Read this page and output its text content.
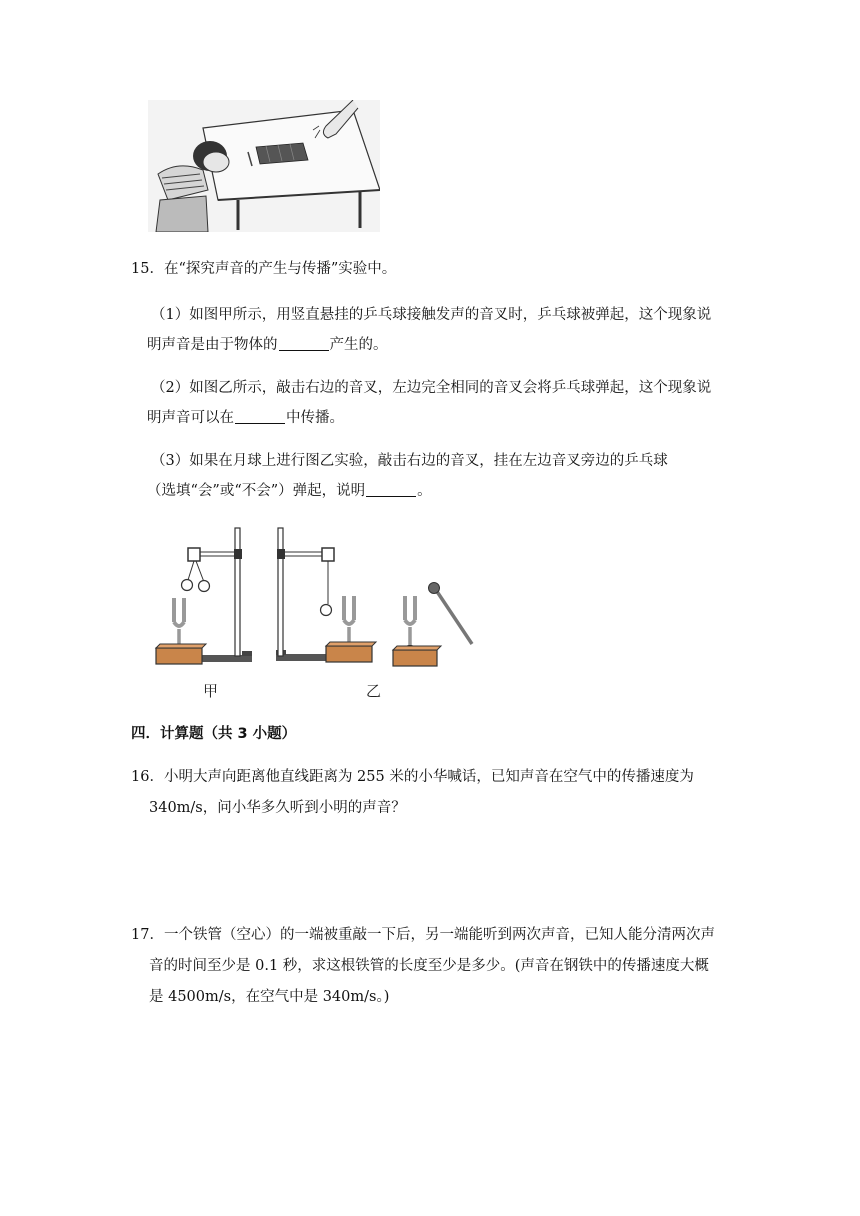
15．在“探究声音的产生与传播”实验中。
（1）如图甲所示，用竖直悬挂的乒乓球接触发声的音叉时，乒乓球被弹起，这个现象说
明声音是由于物体的	产生的。
（2）如图乙所示，敲击右边的音叉，左边完全相同的音叉会将乒乓球弹起，这个现象说
明声音可以在	中传播。
（3）如果在月球上进行图乙实验，敲击右边的音叉，挂在左边音叉旁边的乒乓球
（选填“会”或“不会”）弹起，说明	。
甲	乙
四．计算题（共 3 小题）
16．小明大声向距离他直线距离为 255 米的小华喊话，已知声音在空气中的传播速度为
340m/s，问小华多久听到小明的声音？
17．一个铁管（空心）的一端被重敲一下后，另一端能听到两次声音，已知人能分清两次声
音的时间至少是 0.1 秒，求这根铁管的长度至少是多少。(声音在钢铁中的传播速度大概
是 4500m/s，在空气中是 340m/s。)
